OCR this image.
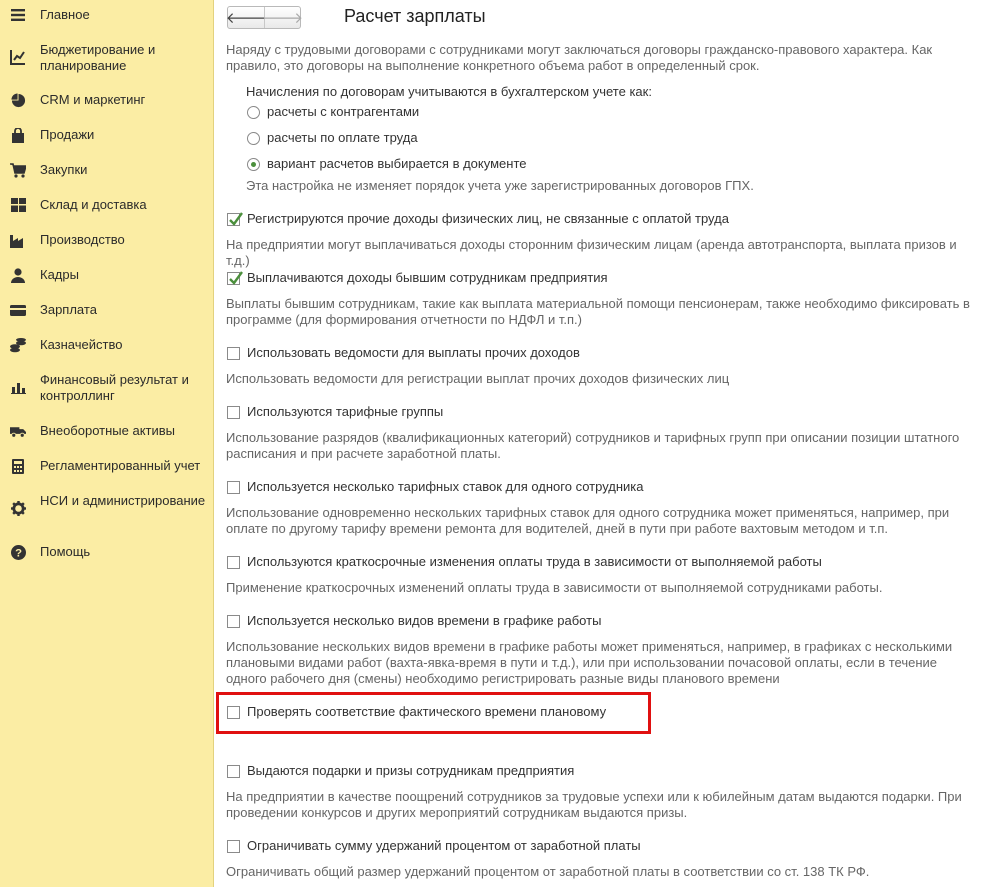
Главное
Бюджетирование и планирование
CRM и маркетинг
Продажи
Закупки
Склад и доставка
Производство
Кадры
Зарплата
Казначейство
Финансовый результат и контроллинг
Внеоборотные активы
Регламентированный учет
НСИ и администрирование
? Помощь
🡐
🡒 Расчет зарплаты
Наряду с трудовыми договорами с сотрудниками могут заключаться договоры гражданско-правового характера. Как правило, это договоры на выполнение конкретного объема работ в определенный срок.
Начисления по договорам учитываются в бухгалтерском учете как:
расчеты с контрагентами
расчеты по оплате труда
вариант расчетов выбирается в документе
Эта настройка не изменяет порядок учета уже зарегистрированных договоров ГПХ.
Регистрируются прочие доходы физических лиц, не связанные с оплатой труда
На предприятии могут выплачиваться доходы сторонним физическим лицам (аренда автотранспорта, выплата призов и т.д.)
Выплачиваются доходы бывшим сотрудникам предприятия
Выплаты бывшим сотрудникам, такие как выплата материальной помощи пенсионерам, также необходимо фиксировать в программе (для формирования отчетности по НДФЛ и т.п.)
Использовать ведомости для выплаты прочих доходов
Использовать ведомости для регистрации выплат прочих доходов физических лиц
Используются тарифные группы
Использование разрядов (квалификационных категорий) сотрудников и тарифных групп при описании позиции штатного расписания и при расчете заработной платы.
Используется несколько тарифных ставок для одного сотрудника
Использование одновременно нескольких тарифных ставок для одного сотрудника может применяться, например, при оплате по другому тарифу времени ремонта для водителей, дней в пути при работе вахтовым методом и т.п.
Используются краткосрочные изменения оплаты труда в зависимости от выполняемой работы
Применение краткосрочных изменений оплаты труда в зависимости от выполняемой сотрудниками работы.
Используется несколько видов времени в графике работы
Использование нескольких видов времени в графике работы может применяться, например, в графиках с несколькими плановыми видами работ (вахта-явка-время в пути и т.д.), или при использовании почасовой оплаты, если в течение одного рабочего дня (смены) необходимо регистрировать разные виды планового времени
Проверять соответствие фактического времени плановому
Выдаются подарки и призы сотрудникам предприятия
На предприятии в качестве поощрений сотрудников за трудовые успехи или к юбилейным датам выдаются подарки. При проведении конкурсов и других мероприятий сотрудникам выдаются призы.
Ограничивать сумму удержаний процентом от заработной платы
Ограничивать общий размер удержаний процентом от заработной платы в соответствии со ст. 138 ТК РФ.
